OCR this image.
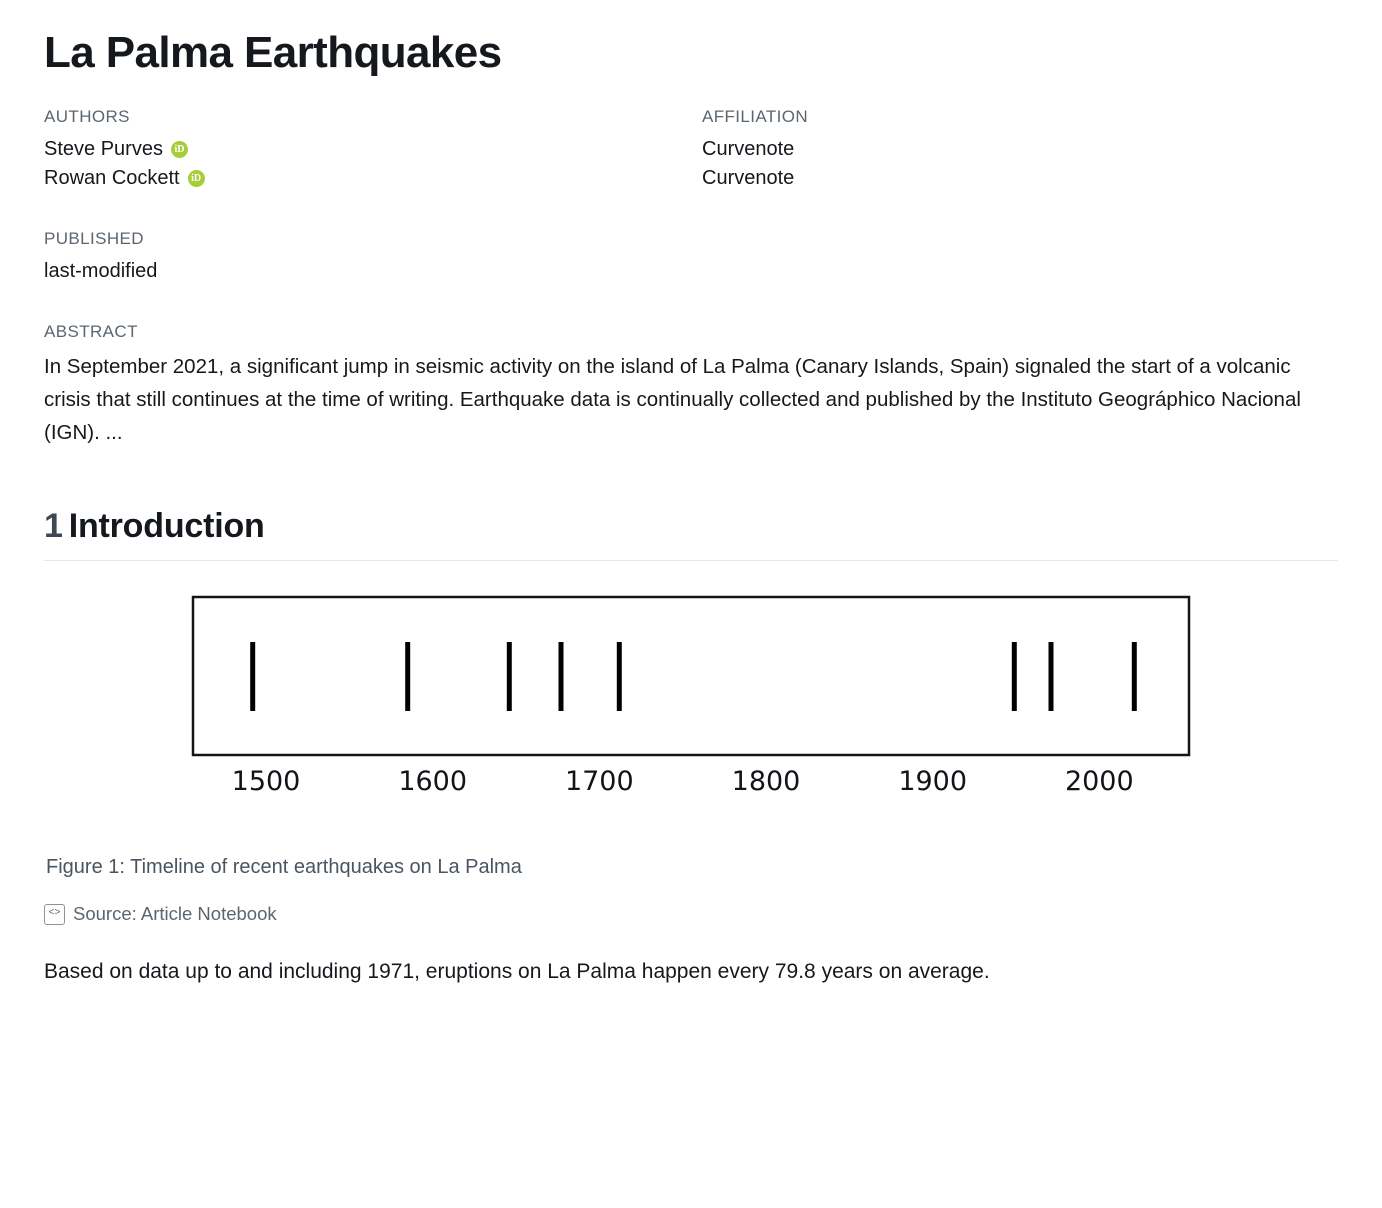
La Palma Earthquakes

AUTHORS

Steve Purves
iD

Rowan Cockett
iD

AFFILIATION

Curvenote

Curvenote

PUBLISHED

last-modified

ABSTRACT

In September 2021, a significant jump in seismic activity on the island of La Palma (Canary Islands, Spain) signaled the start of a volcanic crisis that still continues at the time of writing. Earthquake data is continually collected and published by the Instituto Geográphico Nacional (IGN). ...

1 Introduction
1500	1600	1700	1800	1900	2000

Figure 1: Timeline of recent earthquakes on La Palma

<> Source: Article Notebook

Based on data up to and including 1971, eruptions on La Palma happen every 79.8 years on average.
